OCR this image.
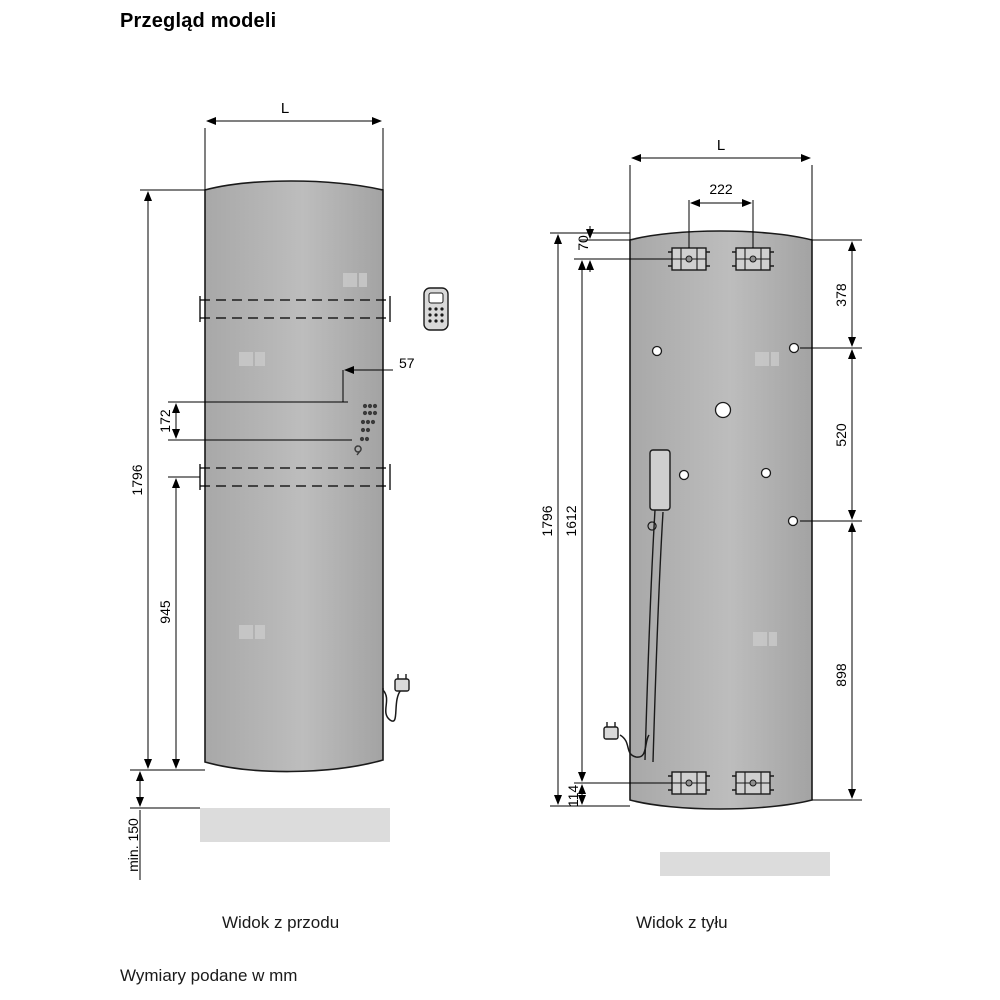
Przegląd modeli
L
1796
57
172
945
min. 150
L
222
70
1612
1796
114
378
520
898
Widok z przodu	Widok z tyłu
Wymiary podane w mm
